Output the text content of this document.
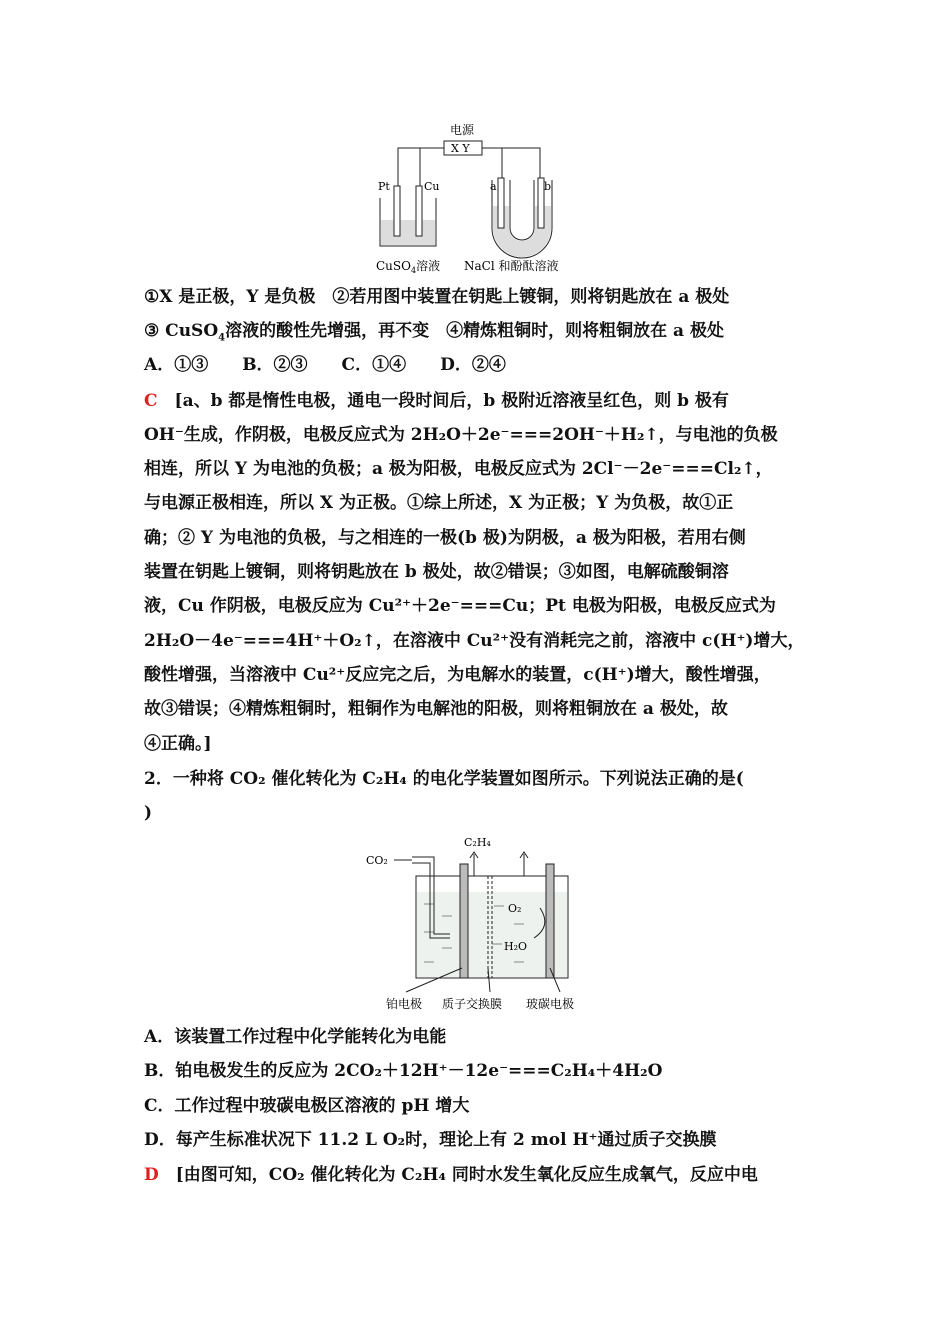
电源
X Y
Pt	Cu	a	b
CuSO$_4$溶液 NaCl 和酚酞溶液
①X 是正极，Y 是负极　②若用图中装置在钥匙上镀铜，则将钥匙放在 a 极处
③ CuSO$_4$溶液的酸性先增强，再不变　④精炼粗铜时，则将粗铜放在 a 极处
A．①③　　B．②③　　C．①④　　D．②④
C　 [a、b 都是惰性电极，通电一段时间后，b 极附近溶液呈红色，则 b 极有
OH⁻生成，作阴极，电极反应式为 2H₂O＋2e⁻===2OH⁻＋H₂↑，与电池的负极
相连，所以 Y 为电池的负极；a 极为阳极，电极反应式为 2Cl⁻－2e⁻===Cl₂↑，
与电源正极相连，所以 X 为正极。①综上所述，X 为正极；Y 为负极，故①正
确；② Y 为电池的负极，与之相连的一极(b 极)为阴极，a 极为阳极，若用右侧
装置在钥匙上镀铜，则将钥匙放在 b 极处，故②错误；③如图，电解硫酸铜溶
液，Cu 作阴极，电极反应为 Cu²⁺＋2e⁻===Cu；Pt 电极为阳极，电极反应式为
2H₂O－4e⁻===4H⁺＋O₂↑，在溶液中 Cu²⁺没有消耗完之前，溶液中 c(H⁺)增大，
酸性增强，当溶液中 Cu²⁺反应完之后，为电解水的装置，c(H⁺)增大，酸性增强，
故③错误；④精炼粗铜时，粗铜作为电解池的阳极，则将粗铜放在 a 极处，故
④正确。]
2．一种将 CO₂ 催化转化为 C₂H₄ 的电化学装置如图所示。下列说法正确的是(
)
C₂H₄
CO₂
O₂
H₂O
铂电极 质子交换膜 玻碳电极
A．该装置工作过程中化学能转化为电能
B．铂电极发生的反应为 2CO₂＋12H⁺－12e⁻===C₂H₄＋4H₂O
C．工作过程中玻碳电极区溶液的 pH 增大
D．每产生标准状况下 11.2 L O₂时，理论上有 2 mol H⁺通过质子交换膜
D　 [由图可知，CO₂ 催化转化为 C₂H₄ 同时水发生氧化反应生成氧气，反应中电
